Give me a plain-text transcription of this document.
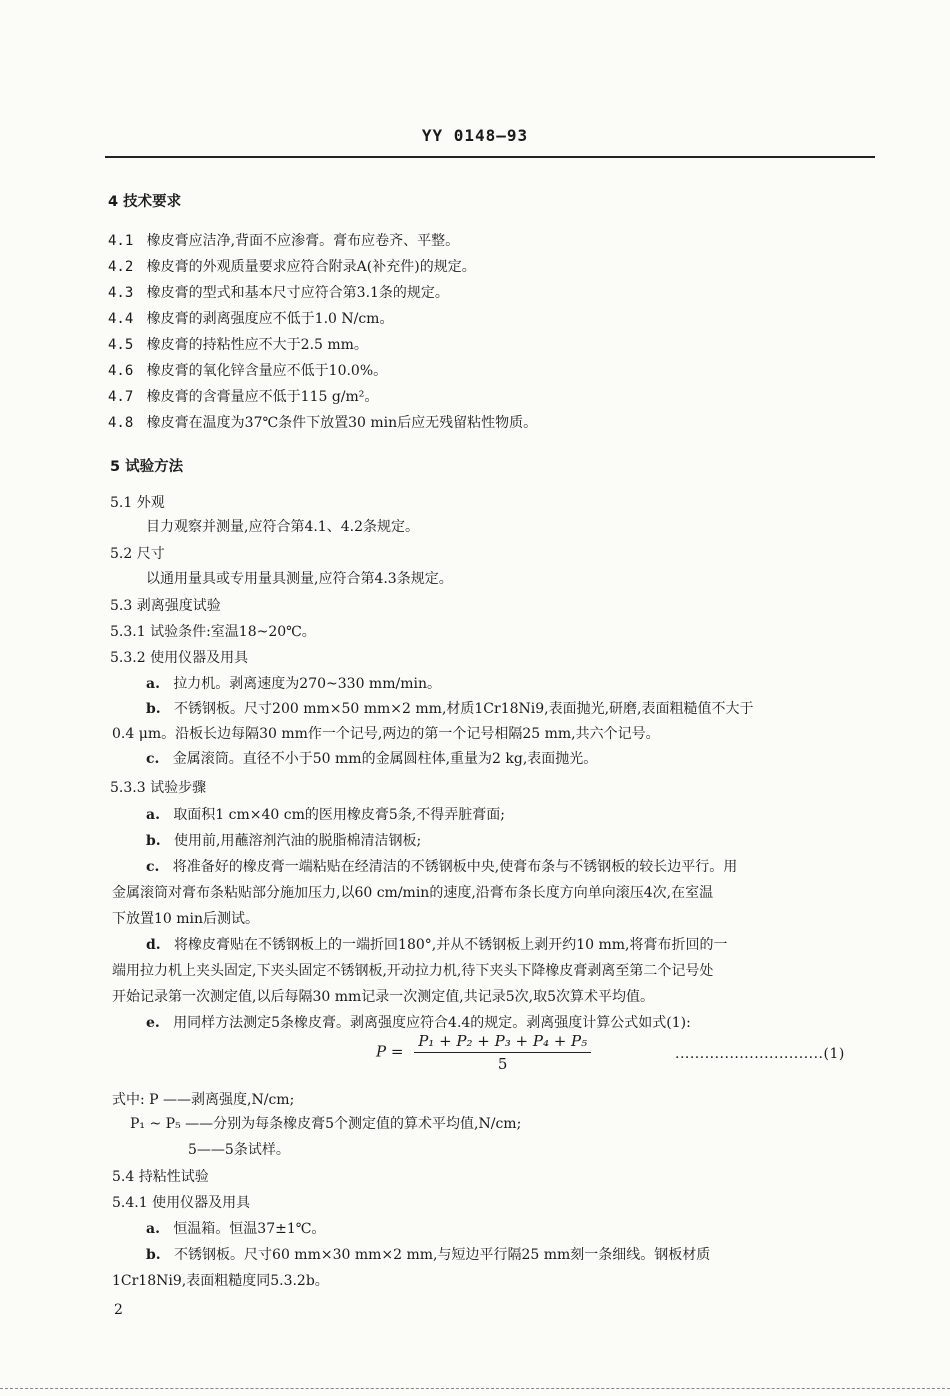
YY 0148—93
4 技术要求
4.1 橡皮膏应洁净,背面不应渗膏。膏布应卷齐、平整。
4.2 橡皮膏的外观质量要求应符合附录A(补充件)的规定。
4.3 橡皮膏的型式和基本尺寸应符合第3.1条的规定。
4.4 橡皮膏的剥离强度应不低于1.0 N/cm。
4.5 橡皮膏的持粘性应不大于2.5 mm。
4.6 橡皮膏的氧化锌含量应不低于10.0%。
4.7 橡皮膏的含膏量应不低于115 g/m²。
4.8 橡皮膏在温度为37℃条件下放置30 min后应无残留粘性物质。
5 试验方法
5.1 外观
目力观察并测量,应符合第4.1、4.2条规定。
5.2 尺寸
以通用量具或专用量具测量,应符合第4.3条规定。
5.3 剥离强度试验
5.3.1 试验条件:室温18~20℃。
5.3.2 使用仪器及用具
a. 拉力机。剥离速度为270~330 mm/min。
b. 不锈钢板。尺寸200 mm×50 mm×2 mm,材质1Cr18Ni9,表面抛光,研磨,表面粗糙值不大于
0.4 μm。沿板长边每隔30 mm作一个记号,两边的第一个记号相隔25 mm,共六个记号。
c. 金属滚筒。直径不小于50 mm的金属圆柱体,重量为2 kg,表面抛光。
5.3.3 试验步骤
a. 取面积1 cm×40 cm的医用橡皮膏5条,不得弄脏膏面;
b. 使用前,用蘸溶剂汽油的脱脂棉清洁钢板;
c. 将准备好的橡皮膏一端粘贴在经清洁的不锈钢板中央,使膏布条与不锈钢板的较长边平行。用
金属滚筒对膏布条粘贴部分施加压力,以60 cm/min的速度,沿膏布条长度方向单向滚压4次,在室温
下放置10 min后测试。
d. 将橡皮膏贴在不锈钢板上的一端折回180°,并从不锈钢板上剥开约10 mm,将膏布折回的一
端用拉力机上夹头固定,下夹头固定不锈钢板,开动拉力机,待下夹头下降橡皮膏剥离至第二个记号处
开始记录第一次测定值,以后每隔30 mm记录一次测定值,共记录5次,取5次算术平均值。
e. 用同样方法测定5条橡皮膏。剥离强度应符合4.4的规定。剥离强度计算公式如式(1):
$P = \frac{\text{P₁ + P₂ + P₃ + P₄ + P₅}}{5}$	..............................(1)
式中: P ——剥离强度,N/cm;
P₁ ~ P₅ ——分别为每条橡皮膏5个测定值的算术平均值,N/cm;
5——5条试样。
5.4 持粘性试验
5.4.1 使用仪器及用具
a. 恒温箱。恒温37±1℃。
b. 不锈钢板。尺寸60 mm×30 mm×2 mm,与短边平行隔25 mm刻一条细线。钢板材质
1Cr18Ni9,表面粗糙度同5.3.2b。
2
